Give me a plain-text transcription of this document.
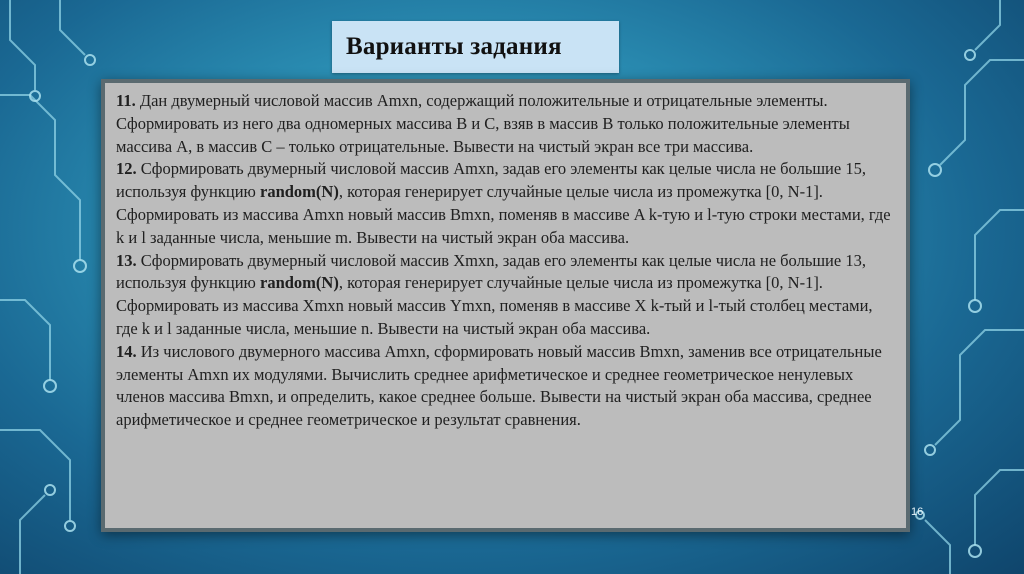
Варианты задания

11. Дан двумерный числовой массив Amxn, содержащий положительные и отрицательные элементы. Сформировать из него два одномерных массива B и C, взяв в массив B только положительные элементы массива A, в массив C – только отрицательные. Вывести на чистый экран все три массива.

12. Сформировать двумерный числовой массив Amxn, задав его элементы как целые числа не большие 15, используя функцию random(N), которая генерирует случайные целые числа из промежутка [0, N-1]. Сформировать из массива Amxn новый массив Bmxn, поменяв в массиве A k-тую и l-тую строки местами, где k и l заданные числа, меньшие m. Вывести на чистый экран оба массива.

13. Сформировать двумерный числовой массив Xmxn, задав его элементы как целые числа не большие 13, используя функцию random(N), которая генерирует случайные целые числа из промежутка [0, N-1]. Сформировать из массива Xmxn новый массив Ymxn, поменяв в массиве X k-тый и l-тый столбец местами, где k и l заданные числа, меньшие n. Вывести на чистый экран оба массива.

14. Из числового двумерного массива Amxn, сформировать новый массив Bmxn, заменив все отрицательные элементы Amxn их модулями. Вычислить среднее арифметическое и среднее геометрическое ненулевых членов массива Bmxn, и определить, какое среднее больше. Вывести на чистый экран оба массива, среднее арифметическое и среднее геометрическое и результат сравнения.

16
